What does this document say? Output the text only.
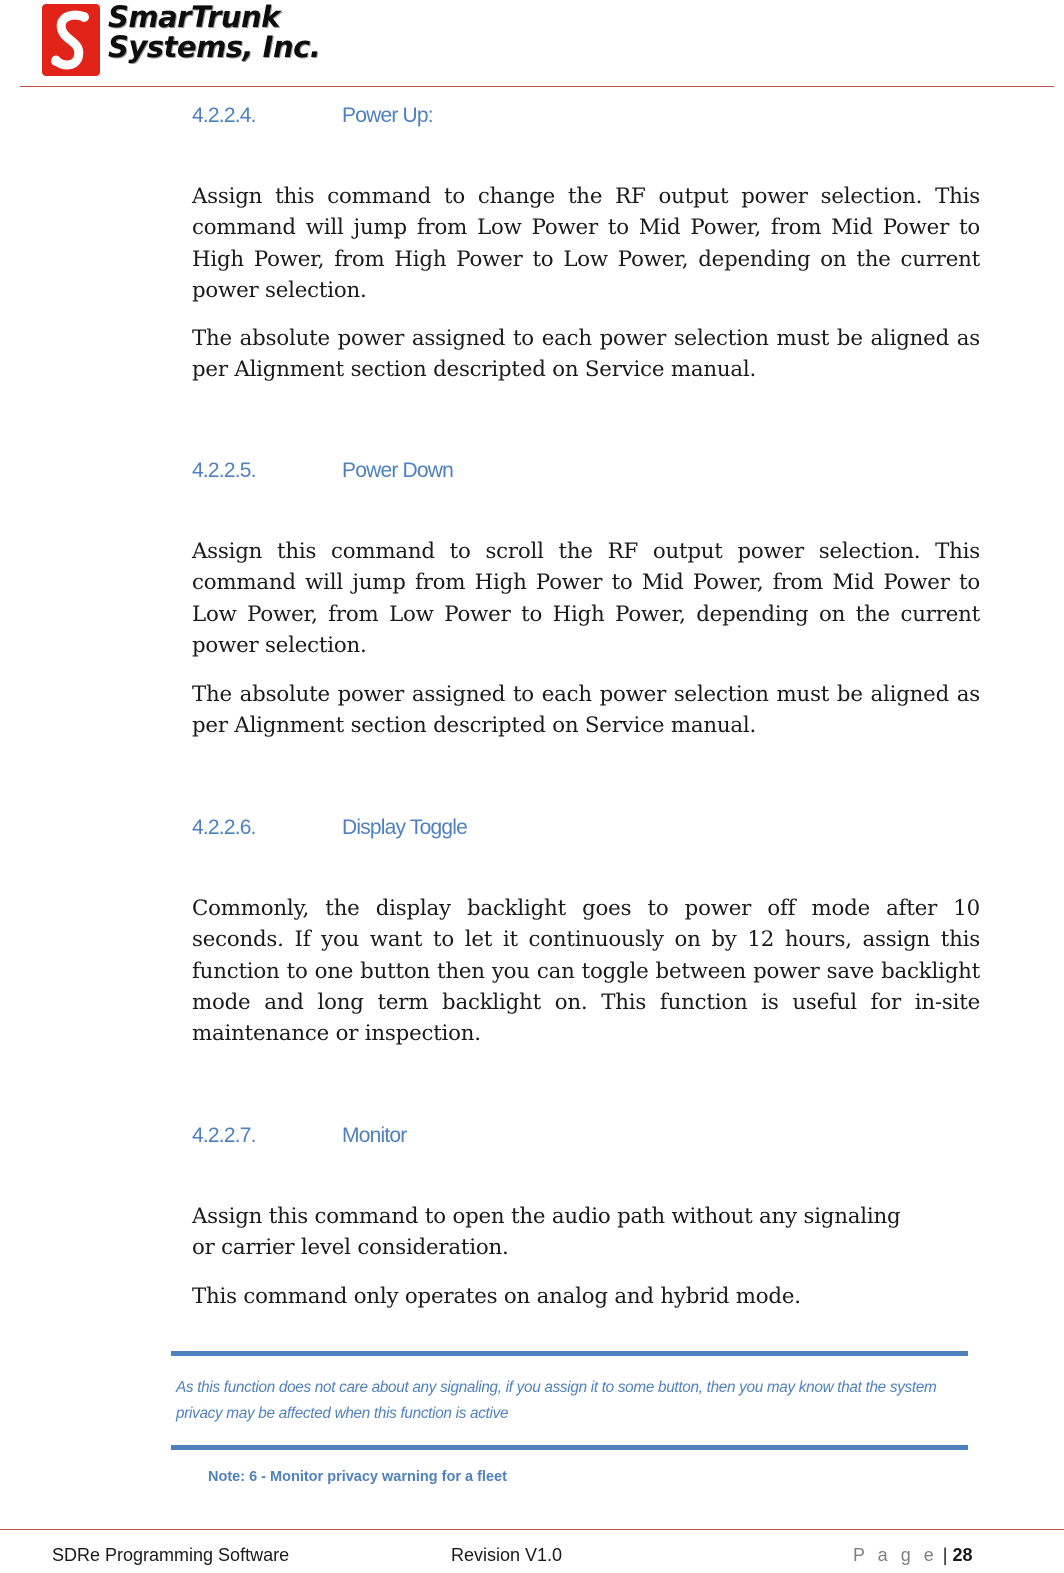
SmarTrunk
Systems, Inc.
4.2.2.4.	Power Up:
Assign this command to change the RF output power selection. This command will jump from Low Power to Mid Power, from Mid Power to High Power, from High Power to Low Power, depending on the current power selection.
The absolute power assigned to each power selection must be aligned as per Alignment section descripted on Service manual.
4.2.2.5.	Power Down
Assign this command to scroll the RF output power selection. This command will jump from High Power to Mid Power, from Mid Power to Low Power, from Low Power to High Power, depending on the current power selection.
The absolute power assigned to each power selection must be aligned as per Alignment section descripted on Service manual.
4.2.2.6.	Display Toggle
Commonly, the display backlight goes to power off mode after 10 seconds. If you want to let it continuously on by 12 hours, assign this function to one button then you can toggle between power save backlight mode and long term backlight on. This function is useful for in-site maintenance or inspection.
4.2.2.7.	Monitor
Assign this command to open the audio path without any signaling or carrier level consideration.
This command only operates on analog and hybrid mode.
As this function does not care about any signaling, if you assign it to some button, then you may know that the system privacy may be affected when this function is active
Note: 6 - Monitor privacy warning for a fleet
SDRe Programming Software	Revision V1.0	P a g e | 28
